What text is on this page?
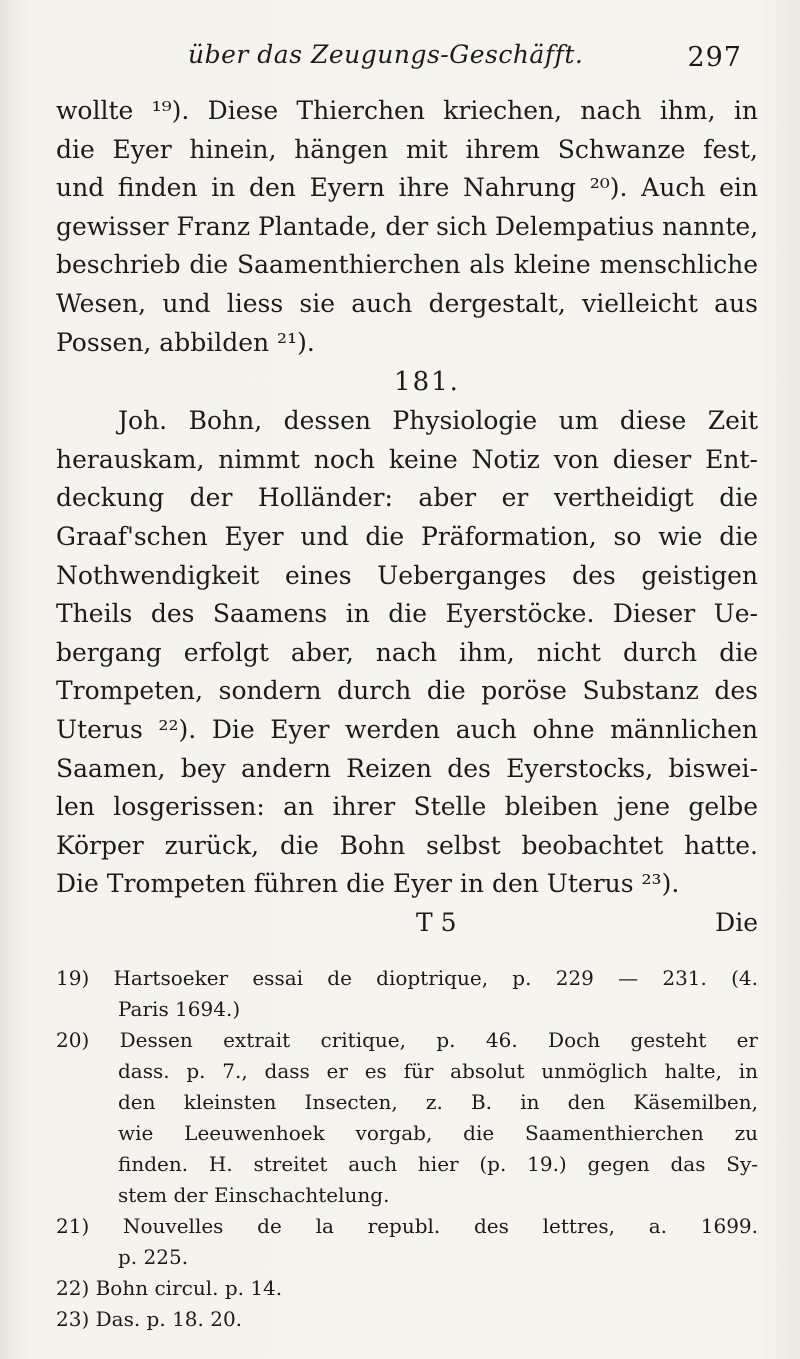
über das Zeugungs-Geschäfft.	297
wollte ¹⁹). Diese Thierchen kriechen, nach ihm, in
die Eyer hinein, hängen mit ihrem Schwanze fest,
und finden in den Eyern ihre Nahrung ²⁰). Auch ein
gewisser Franz Plantade, der sich Delempatius nannte,
beschrieb die Saamenthierchen als kleine menschliche
Wesen, und liess sie auch dergestalt, vielleicht aus
Possen, abbilden ²¹).
181.
Joh. Bohn, dessen Physiologie um diese Zeit
herauskam, nimmt noch keine Notiz von dieser Ent-
deckung der Holländer: aber er vertheidigt die
Graaf'schen Eyer und die Präformation, so wie die
Nothwendigkeit eines Ueberganges des geistigen
Theils des Saamens in die Eyerstöcke. Dieser Ue-
bergang erfolgt aber, nach ihm, nicht durch die
Trompeten, sondern durch die poröse Substanz des
Uterus ²²). Die Eyer werden auch ohne männlichen
Saamen, bey andern Reizen des Eyerstocks, biswei-
len losgerissen: an ihrer Stelle bleiben jene gelbe
Körper zurück, die Bohn selbst beobachtet hatte.
Die Trompeten führen die Eyer in den Uterus ²³).
T 5	Die
19) Hartsoeker essai de dioptrique, p. 229 — 231. (4.
Paris 1694.)
20) Dessen extrait critique, p. 46. Doch gesteht er
dass. p. 7., dass er es für absolut unmöglich halte, in
den kleinsten Insecten, z. B. in den Käsemilben,
wie Leeuwenhoek vorgab, die Saamenthierchen zu
finden. H. streitet auch hier (p. 19.) gegen das Sy-
stem der Einschachtelung.
21) Nouvelles de la republ. des lettres, a. 1699.
p. 225.
22) Bohn circul. p. 14.
23) Das. p. 18. 20.
